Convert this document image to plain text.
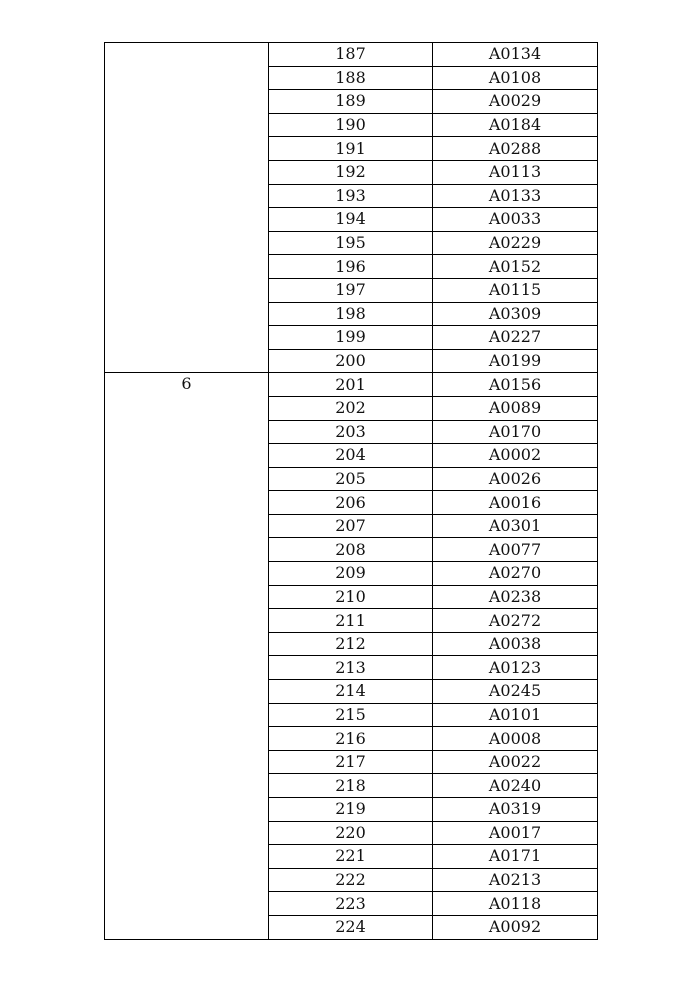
	187	A0134
	188	A0108
	189	A0029
	190	A0184
	191	A0288
	192	A0113
	193	A0133
	194	A0033
	195	A0229
	196	A0152
	197	A0115
	198	A0309
	199	A0227
	200	A0199
6	201	A0156
	202	A0089
	203	A0170
	204	A0002
	205	A0026
	206	A0016
	207	A0301
	208	A0077
	209	A0270
	210	A0238
	211	A0272
	212	A0038
	213	A0123
	214	A0245
	215	A0101
	216	A0008
	217	A0022
	218	A0240
	219	A0319
	220	A0017
	221	A0171
	222	A0213
	223	A0118
	224	A0092
